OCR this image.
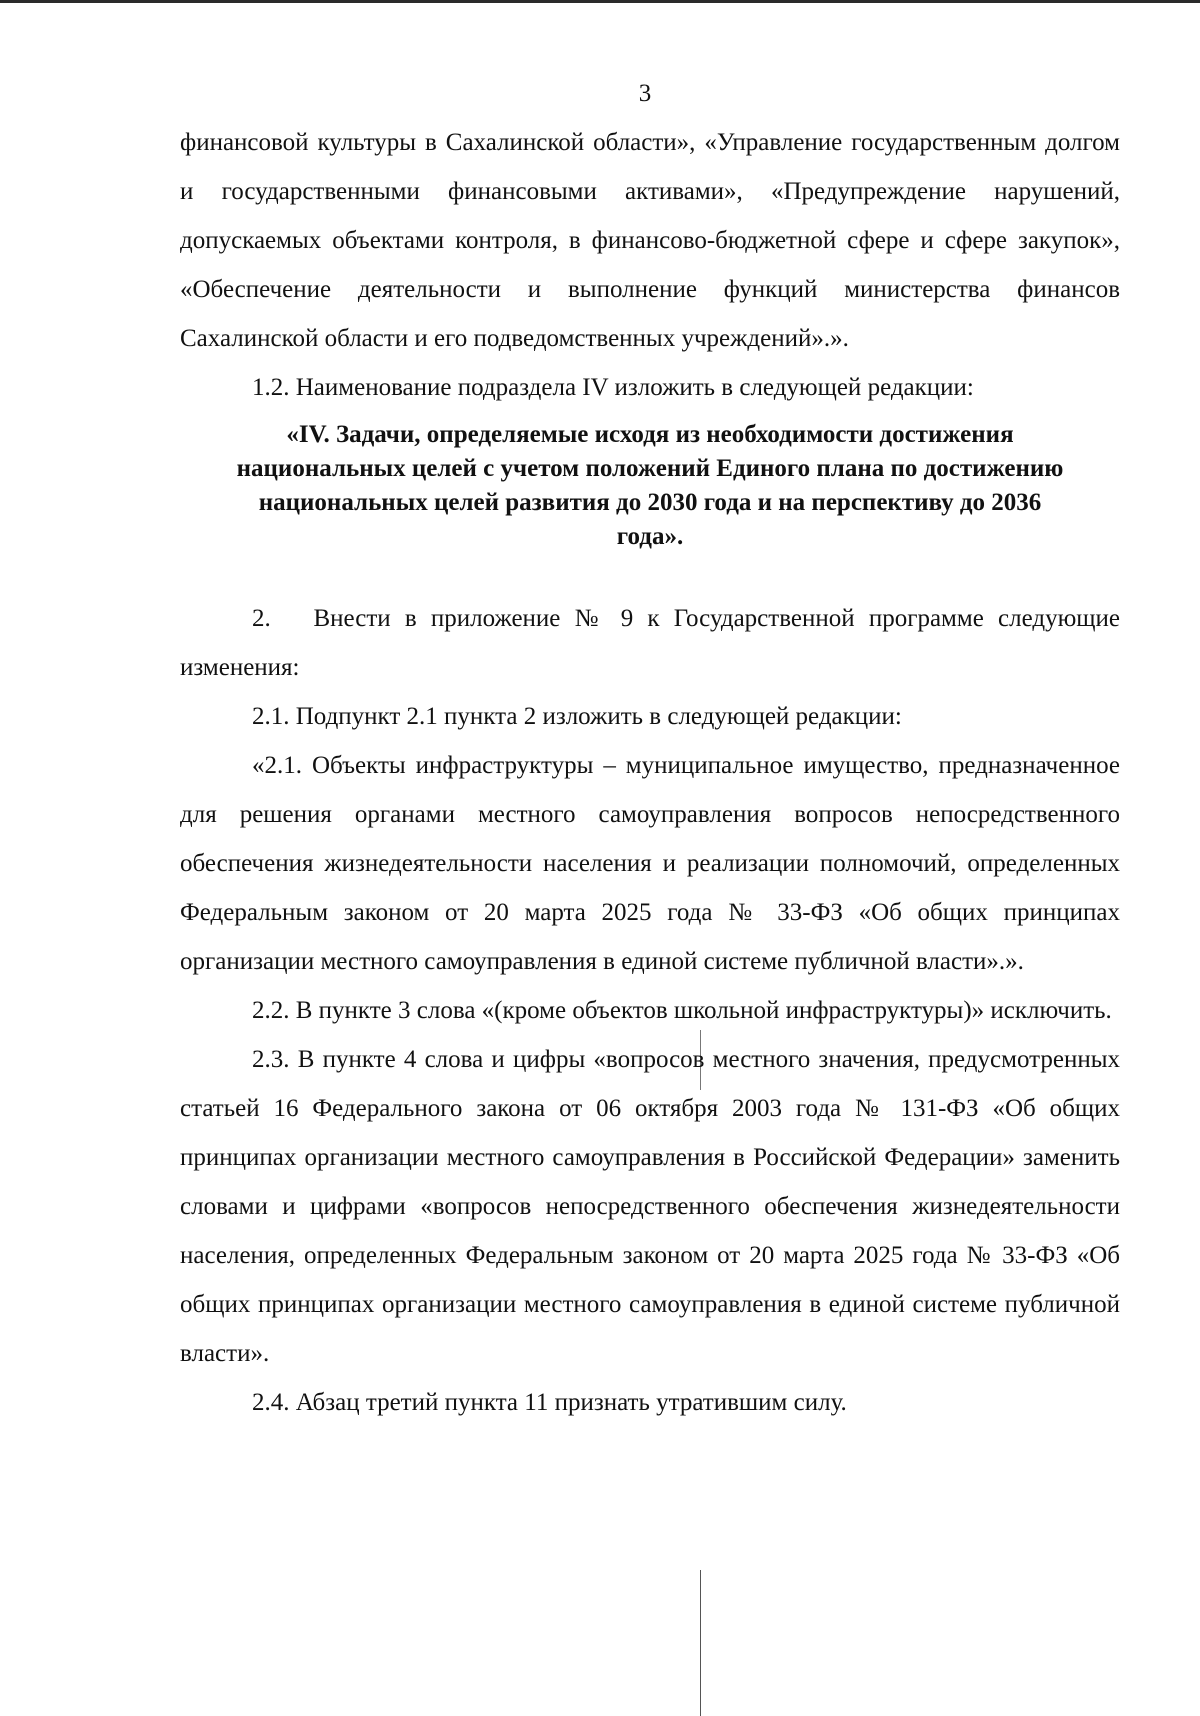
3

финансовой культуры в Сахалинской области», «Управление государственным долгом и государственными финансовыми активами», «Предупреждение нарушений, допускаемых объектами контроля, в финансово-бюджетной сфере и сфере закупок», «Обеспечение деятельности и выполнение функций министерства финансов Сахалинской области и его подведомственных учреждений».».

1.2. Наименование подраздела IV изложить в следующей редакции:

«IV. Задачи, определяемые исходя из необходимости достижения
национальных целей с учетом положений Единого плана по достижению
национальных целей развития до 2030 года и на перспективу до 2036
года».

2.   Внести в приложение № 9 к Государственной программе следующие изменения:

2.1. Подпункт 2.1 пункта 2 изложить в следующей редакции:

«2.1. Объекты инфраструктуры – муниципальное имущество, предназначенное для решения органами местного самоуправления вопросов непосредственного обеспечения жизнедеятельности населения и реализации полномочий, определенных Федеральным законом от 20 марта 2025 года № 33-ФЗ «Об общих принципах организации местного самоуправления в единой системе публичной власти».».

2.2. В пункте 3 слова «(кроме объектов школьной инфраструктуры)» исключить.

2.3. В пункте 4 слова и цифры «вопросов местного значения, предусмотренных статьей 16 Федерального закона от 06 октября 2003 года № 131-ФЗ «Об общих принципах организации местного самоуправления в Российской Федерации» заменить словами и цифрами «вопросов непосредственного обеспечения жизнедеятельности населения, определенных Федеральным законом от 20 марта 2025 года № 33-ФЗ «Об общих принципах организации местного самоуправления в единой системе публичной власти».

2.4. Абзац третий пункта 11 признать утратившим силу.
